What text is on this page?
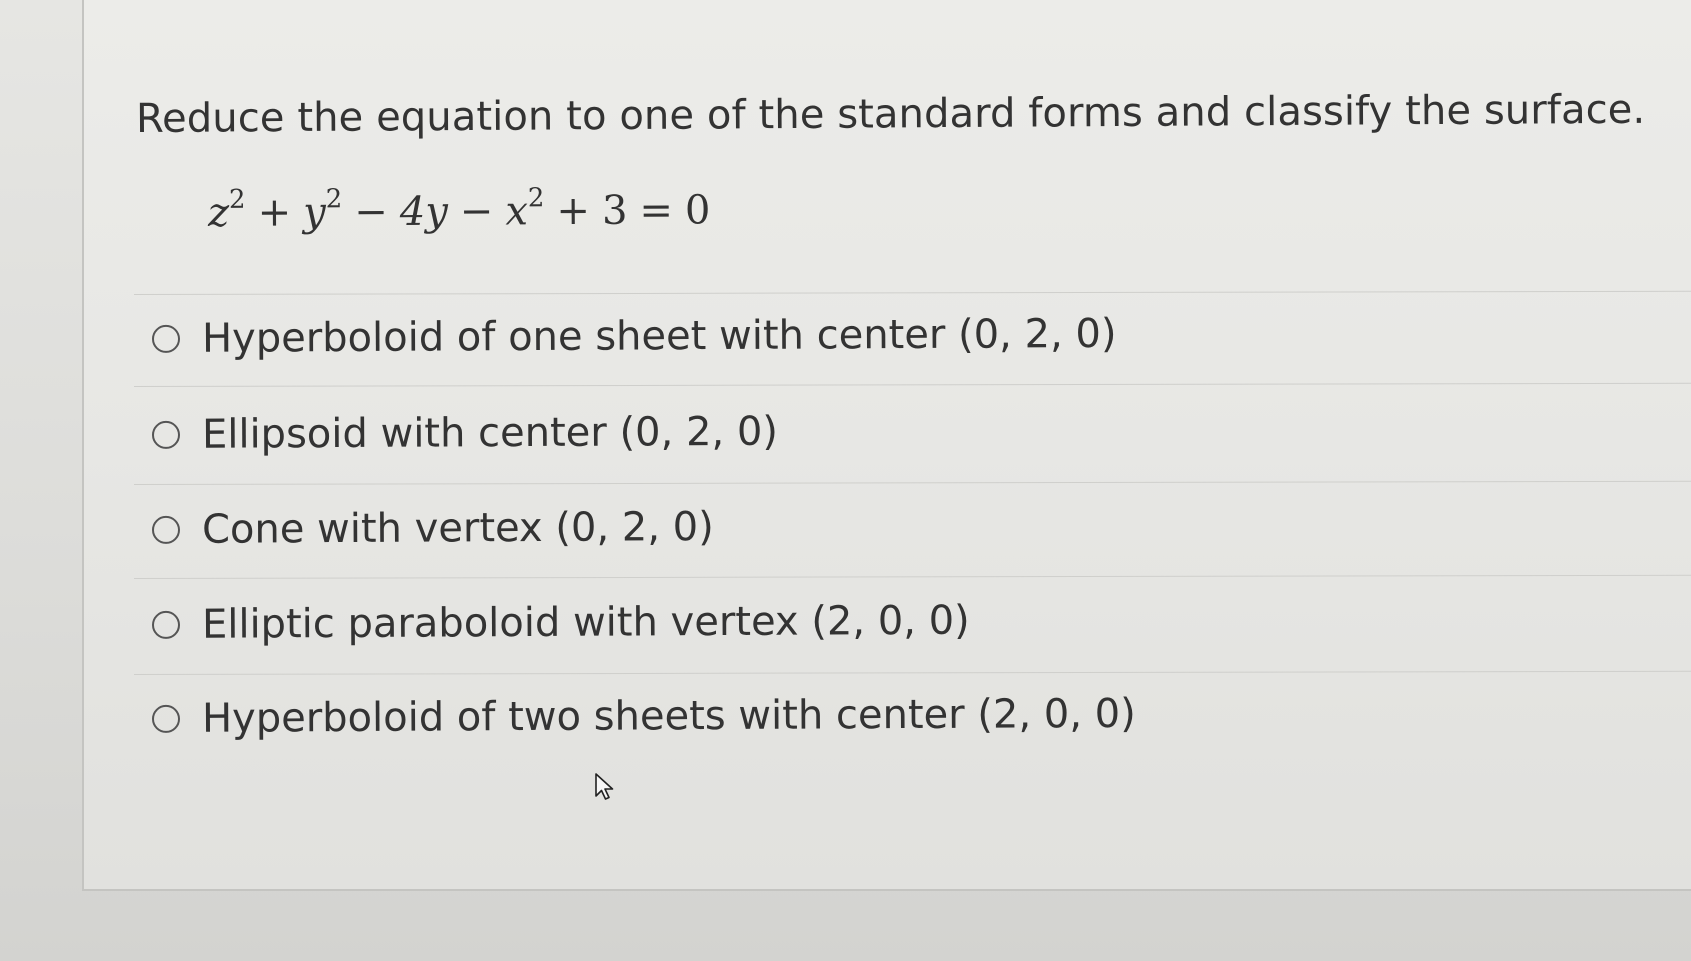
Reduce the equation to one of the standard forms and classify the surface.
$z^2 + y^2 - 4y - x^2 + 3 = 0$
Hyperboloid of one sheet with center (0, 2, 0)
Ellipsoid with center (0, 2, 0)
Cone with vertex (0, 2, 0)
Elliptic paraboloid with vertex (2, 0, 0)
Hyperboloid of two sheets with center (2, 0, 0)
